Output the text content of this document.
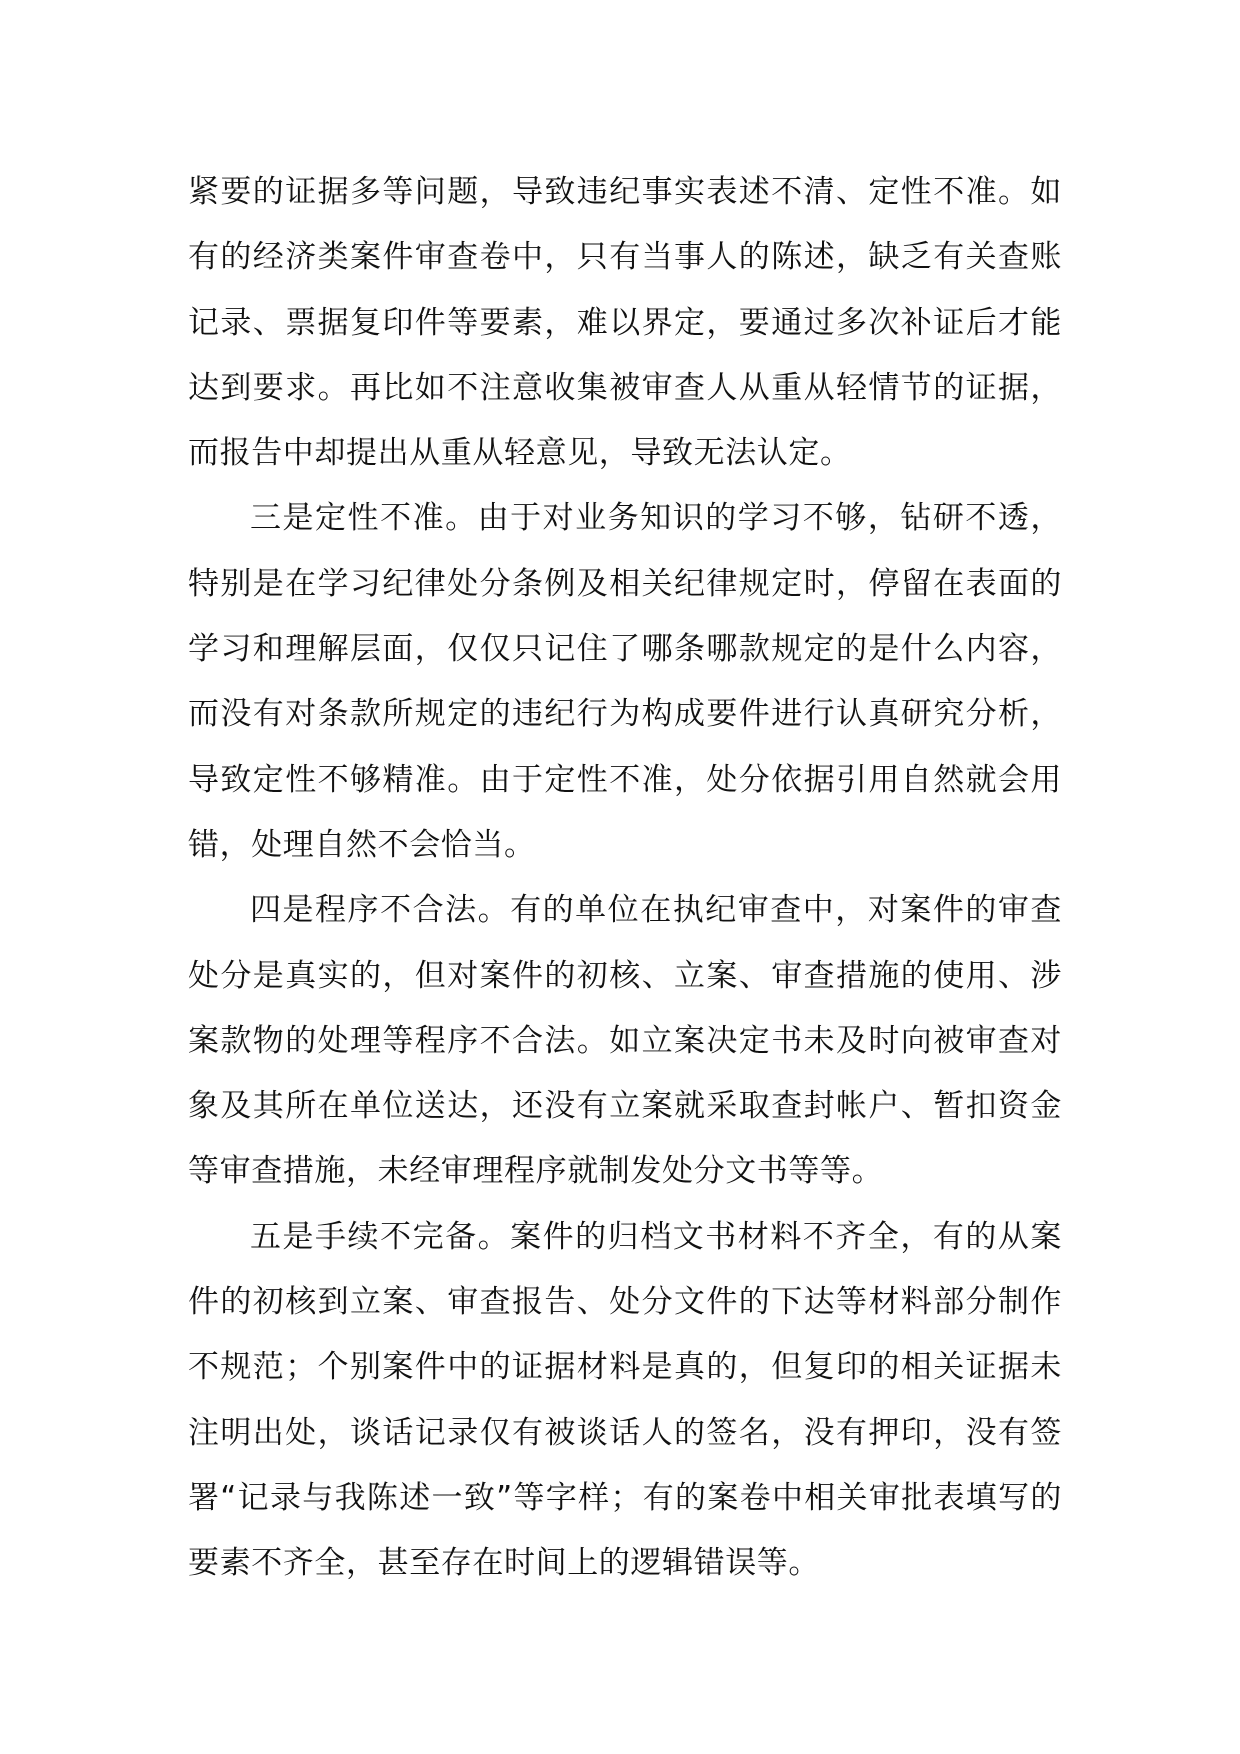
紧要的证据多等问题，导致违纪事实表述不清、定性不准。如有的经济类案件审查卷中，只有当事人的陈述，缺乏有关查账记录、票据复印件等要素，难以界定，要通过多次补证后才能达到要求。再比如不注意收集被审查人从重从轻情节的证据，而报告中却提出从重从轻意见，导致无法认定。

三是定性不准。由于对业务知识的学习不够，钻研不透，特别是在学习纪律处分条例及相关纪律规定时，停留在表面的学习和理解层面，仅仅只记住了哪条哪款规定的是什么内容，而没有对条款所规定的违纪行为构成要件进行认真研究分析，导致定性不够精准。由于定性不准，处分依据引用自然就会用错，处理自然不会恰当。

四是程序不合法。有的单位在执纪审查中，对案件的审查处分是真实的，但对案件的初核、立案、审查措施的使用、涉案款物的处理等程序不合法。如立案决定书未及时向被审查对象及其所在单位送达，还没有立案就采取查封帐户、暂扣资金等审查措施，未经审理程序就制发处分文书等等。

五是手续不完备。案件的归档文书材料不齐全，有的从案件的初核到立案、审查报告、处分文件的下达等材料部分制作不规范；个别案件中的证据材料是真的，但复印的相关证据未注明出处，谈话记录仅有被谈话人的签名，没有押印，没有签署“记录与我陈述一致”等字样；有的案卷中相关审批表填写的要素不齐全，甚至存在时间上的逻辑错误等。
